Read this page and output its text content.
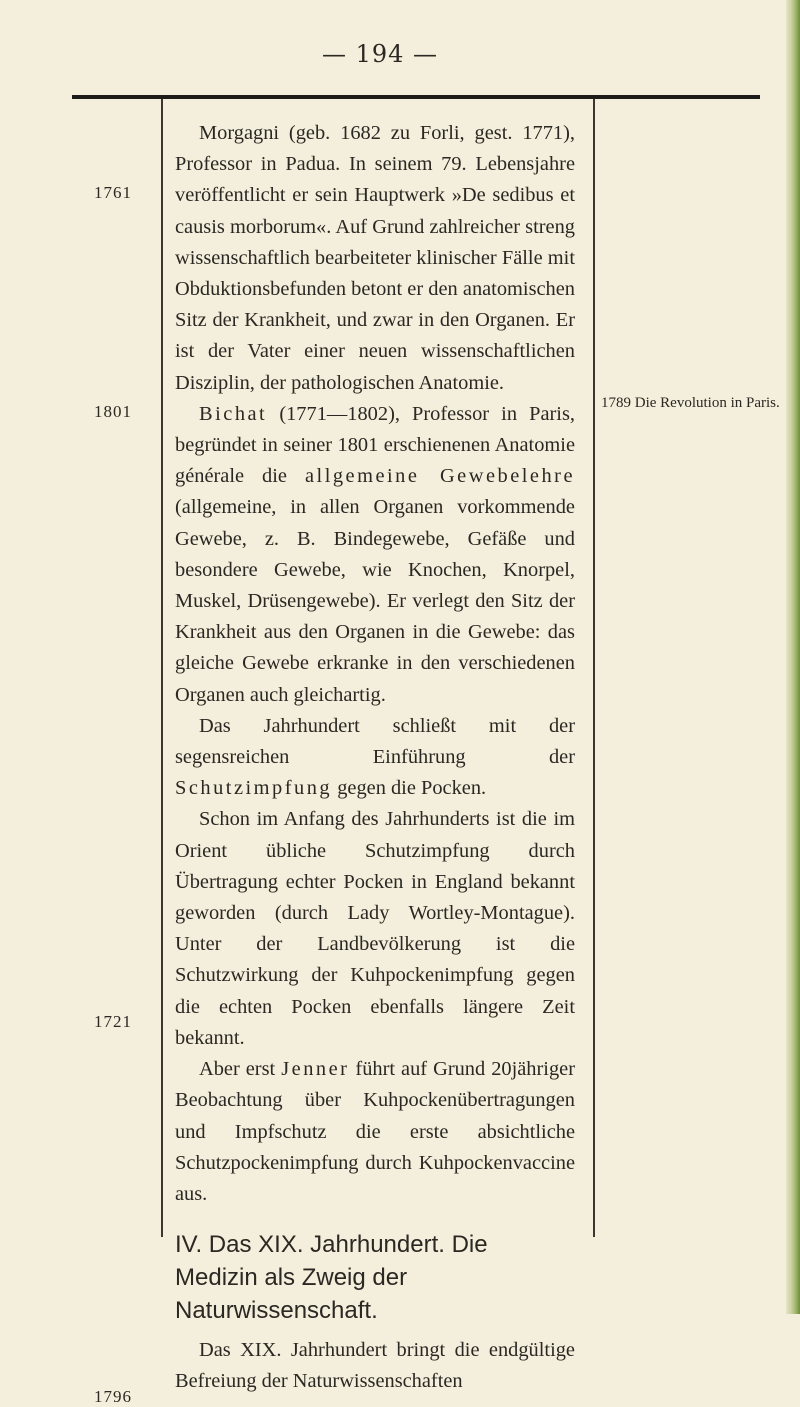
— 194 —
1761
1801
1721
1796
1789 Die Revolution in Paris.

Morgagni (geb. 1682 zu Forli, gest. 1771), Professor in Padua. In seinem 79. Lebensjahre veröffentlicht er sein Hauptwerk »De sedibus et causis morborum«. Auf Grund zahlreicher streng wissenschaftlich bearbeiteter klinischer Fälle mit Obduktionsbefunden betont er den anatomischen Sitz der Krankheit, und zwar in den Organen. Er ist der Vater einer neuen wissenschaftlichen Disziplin, der pathologischen Anatomie.

Bichat (1771—1802), Professor in Paris, begründet in seiner 1801 erschienenen Anatomie générale die allgemeine Gewebelehre (allgemeine, in allen Organen vorkommende Gewebe, z. B. Bindegewebe, Gefäße und besondere Gewebe, wie Knochen, Knorpel, Muskel, Drüsengewebe). Er verlegt den Sitz der Krankheit aus den Organen in die Gewebe: das gleiche Gewebe erkranke in den verschiedenen Organen auch gleichartig.

Das Jahrhundert schließt mit der segensreichen Einführung der Schutzimpfung gegen die Pocken.

Schon im Anfang des Jahrhunderts ist die im Orient übliche Schutzimpfung durch Übertragung echter Pocken in England bekannt geworden (durch Lady Wortley-Montague). Unter der Landbevölkerung ist die Schutzwirkung der Kuhpockenimpfung gegen die echten Pocken ebenfalls längere Zeit bekannt.

Aber erst Jenner führt auf Grund 20jähriger Beobachtung über Kuhpockenübertragungen und Impfschutz die erste absichtliche Schutzpockenimpfung durch Kuhpockenvaccine aus.

IV. Das XIX. Jahrhundert. Die Medizin als Zweig der Naturwissenschaft.

Das XIX. Jahrhundert bringt die endgültige Befreiung der Naturwissenschaften
